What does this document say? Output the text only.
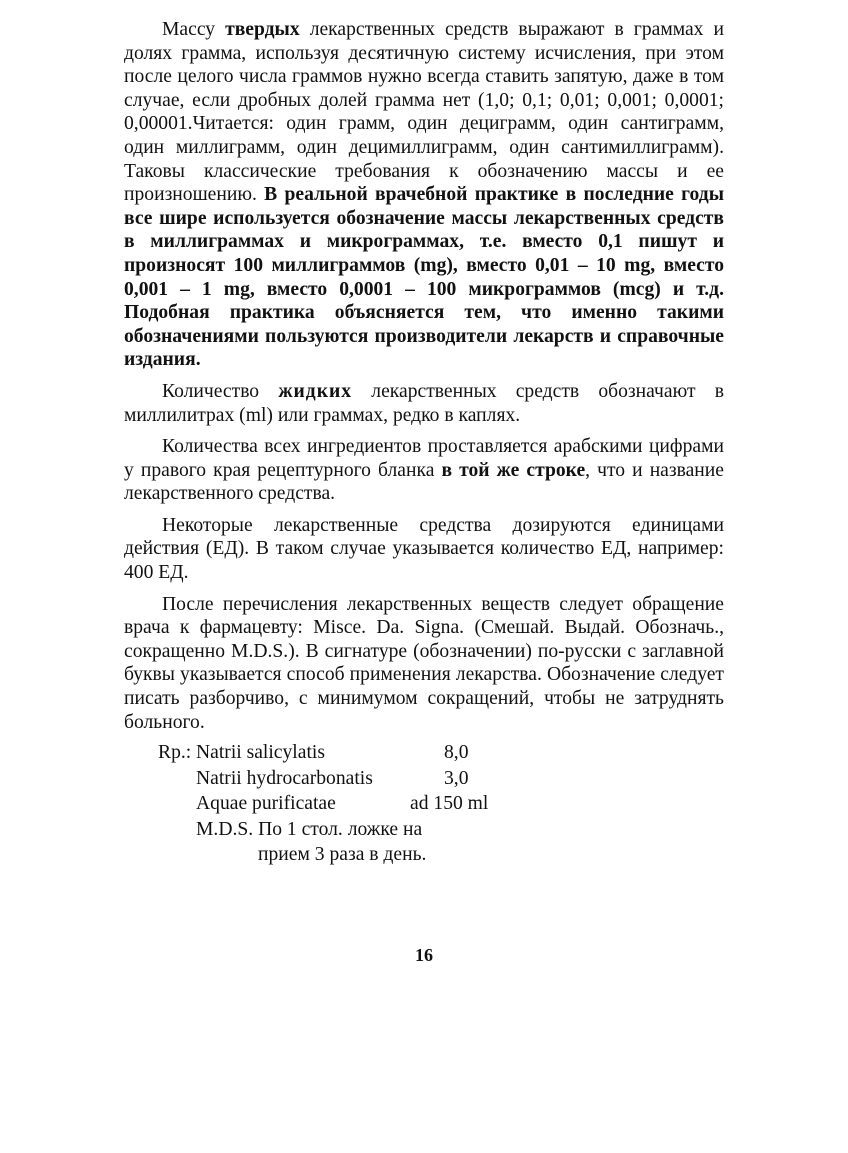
Массу твердых лекарственных средств выражают в граммах и долях грамма, используя десятичную систему исчисления, при этом после целого числа граммов нужно всегда ставить запятую, даже в том случае, если дробных долей грамма нет (1,0; 0,1; 0,01; 0,001; 0,0001; 0,00001.Читается: один грамм, один дециграмм, один сантиграмм, один миллиграмм, один децимиллиграмм, один сантимиллиграмм). Таковы классические требования к обозначению массы и ее произношению. В реальной врачебной практике в последние годы все шире используется обозначение массы лекарственных средств в миллиграммах и микрограммах, т.е. вместо 0,1 пишут и произносят 100 миллиграммов (mg), вместо 0,01 – 10 mg, вместо 0,001 – 1 mg, вместо 0,0001 – 100 микрограммов (mcg) и т.д. Подобная практика объясняется тем, что именно такими обозначениями пользуются производители лекарств и справочные издания.

Количество жидких лекарственных средств обозначают в миллилитрах (ml) или граммах, редко в каплях.

Количества всех ингредиентов проставляется арабскими цифрами у правого края рецептурного бланка в той же строке, что и название лекарственного средства.

Некоторые лекарственные средства дозируются единицами действия (ЕД). В таком случае указывается количество ЕД, например: 400 ЕД.

После перечисления лекарственных веществ следует обращение врача к фармацевту: Misce. Da. Signa. (Смешай. Выдай. Обозначь., сокращенно M.D.S.). В сигнатуре (обозначении) по-русски с заглавной буквы указывается способ применения лекарства. Обозначение следует писать разборчиво, с минимумом сокращений, чтобы не затруднять больного.

Rp.: Natrii salicylatis	8,0
Natrii hydrocarbonatis	3,0
Aquae purificatae	ad 150 ml
M.D.S. По 1 стол. ложке на
прием 3 раза в день.
16
